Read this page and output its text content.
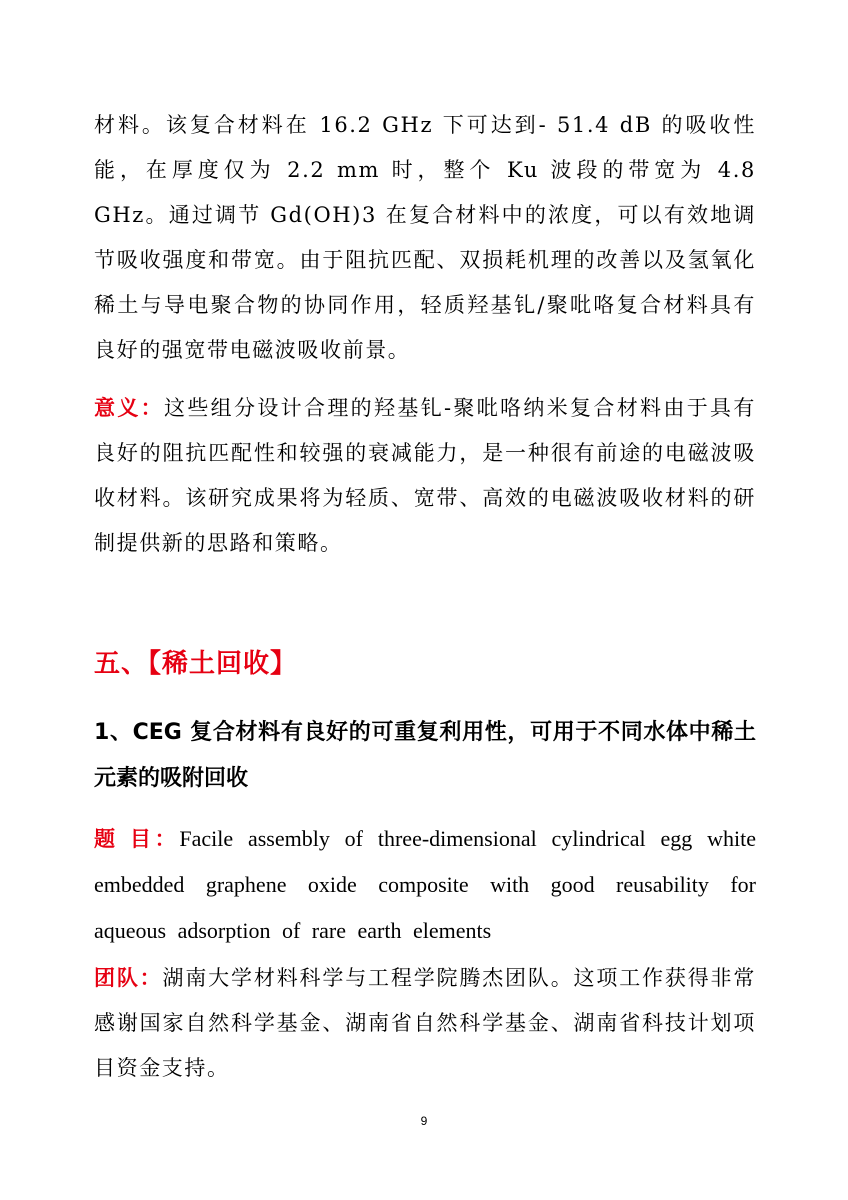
材料。该复合材料在 16.2 GHz 下可达到- 51.4 dB 的吸收性能，在厚度仅为 2.2 mm 时，整个 Ku 波段的带宽为 4.8 GHz。通过调节 Gd(OH)3 在复合材料中的浓度，可以有效地调节吸收强度和带宽。由于阻抗匹配、双损耗机理的改善以及氢氧化稀土与导电聚合物的协同作用，轻质羟基钆/聚吡咯复合材料具有良好的强宽带电磁波吸收前景。
意义：这些组分设计合理的羟基钆-聚吡咯纳米复合材料由于具有良好的阻抗匹配性和较强的衰减能力，是一种很有前途的电磁波吸收材料。该研究成果将为轻质、宽带、高效的电磁波吸收材料的研制提供新的思路和策略。
五、【稀土回收】
1、CEG 复合材料有良好的可重复利用性，可用于不同水体中稀土元素的吸附回收
题 目：Facile assembly of three-dimensional cylindrical egg white embedded graphene oxide composite with good reusability for aqueous adsorption of rare earth elements
团队：湖南大学材料科学与工程学院腾杰团队。这项工作获得非常感谢国家自然科学基金、湖南省自然科学基金、湖南省科技计划项目资金支持。
9
